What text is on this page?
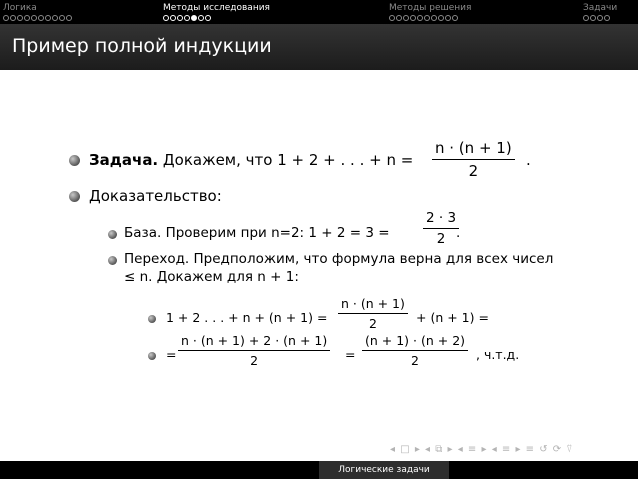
Логика	Методы исследования	Методы решения	Задачи
Пример полной индукции
Задача. Докажем, что 1 + 2 + . . . + $n = \frac{n \cdot (n + 1)}{2}$ .
Доказательство:
База. Проверим при n=2: $1 + 2 = 3 = \frac{2 \cdot 3}{2}$
.
Переход. Предположим, что формула верна для всех чисел
≤ n. Докажем для n + 1:
1 + 2 . . . + $n + (n + 1) = \frac{n \cdot (n + 1)}{2} + (n + 1)$ =
= $\frac{n \cdot (n + 1) + 2 \cdot (n + 1)}{2} = \frac{(n + 1) \cdot (n + 2)}{2}$ , ч.т.д.
◂ □ ▸ ◂ ⧉ ▸ ◂ ≡ ▸ ◂ ≡ ▸ ≡ ↺ ⟳ ⍢
Логические задачи
